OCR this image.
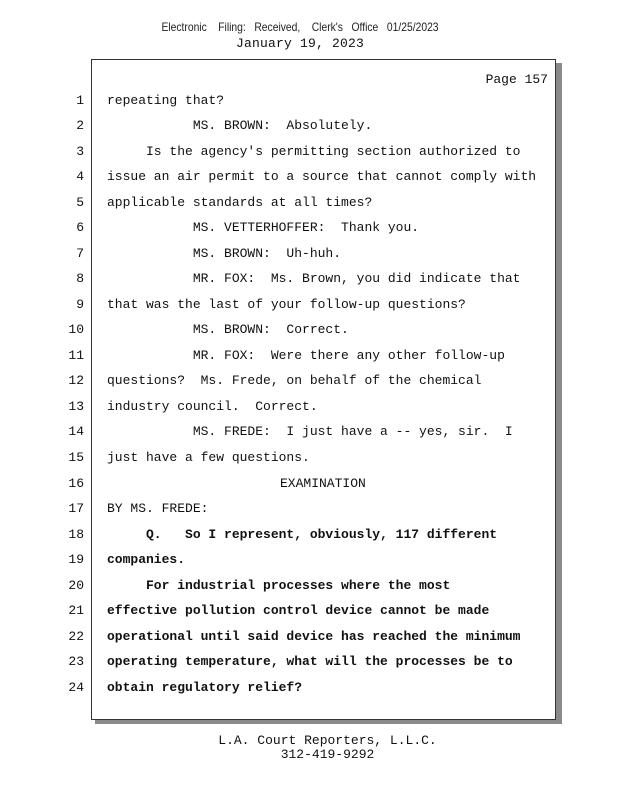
Electronic    Filing:   Received,    Clerk's   Office   01/25/2023
January 19, 2023
Page 157
1 repeating that?
2 MS. BROWN:  Absolutely.
3 Is the agency's permitting section authorized to
4 issue an air permit to a source that cannot comply with
5 applicable standards at all times?
6 MS. VETTERHOFFER:  Thank you.
7 MS. BROWN:  Uh-huh.
8 MR. FOX:  Ms. Brown, you did indicate that
9 that was the last of your follow-up questions?
10 MS. BROWN:  Correct.
11 MR. FOX:  Were there any other follow-up
12 questions?  Ms. Frede, on behalf of the chemical
13 industry council.  Correct.
14 MS. FREDE:  I just have a -- yes, sir.  I
15 just have a few questions.
16	EXAMINATION
17 BY MS. FREDE:
18 Q.   So I represent, obviously, 117 different
19 companies.
20 For industrial processes where the most
21 effective pollution control device cannot be made
22 operational until said device has reached the minimum
23 operating temperature, what will the processes be to
24 obtain regulatory relief?
L.A. Court Reporters, L.L.C.
312-419-9292
